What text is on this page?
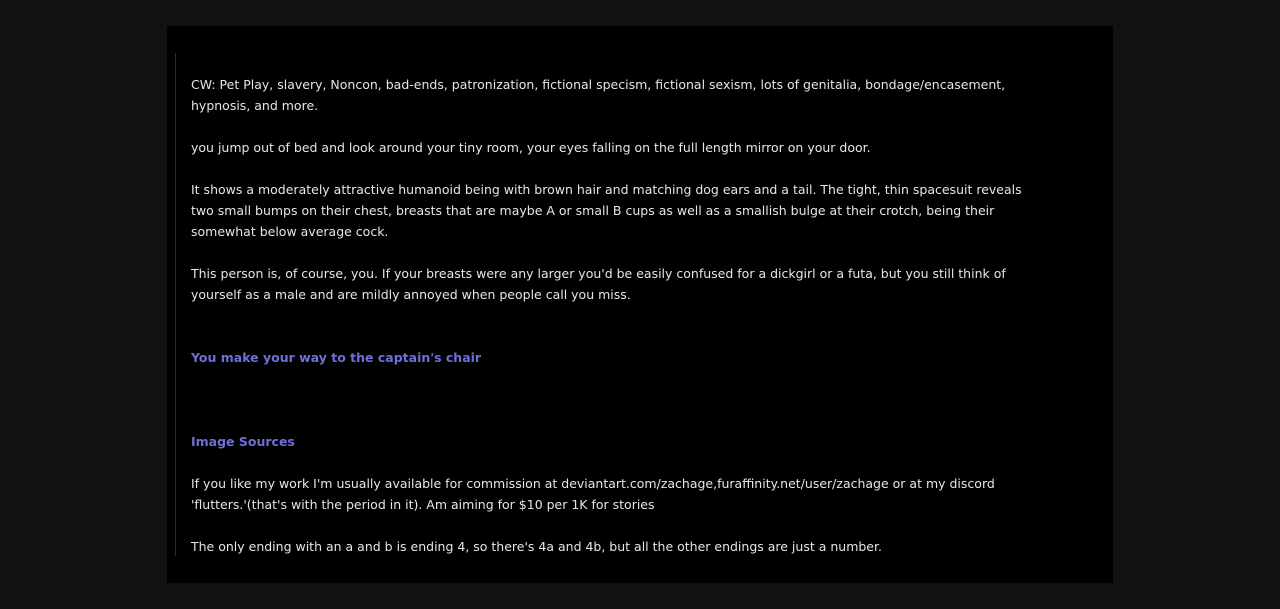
CW: Pet Play, slavery, Noncon, bad-ends, patronization, fictional specism, fictional sexism, lots of genitalia, bondage/encasement, hypnosis, and more.

you jump out of bed and look around your tiny room, your eyes falling on the full length mirror on your door.

It shows a moderately attractive humanoid being with brown hair and matching dog ears and a tail. The tight, thin spacesuit reveals two small bumps on their chest, breasts that are maybe A or small B cups as well as a smallish bulge at their crotch, being their somewhat below average cock.

This person is, of course, you. If your breasts were any larger you'd be easily confused for a dickgirl or a futa, but you still think of yourself as a male and are mildly annoyed when people call you miss.

You make your way to the captain's chair
Image Sources

If you like my work I'm usually available for commission at deviantart.com/zachage,furaffinity.net/user/zachage or at my discord 'flutters.'(that's with the period in it). Am aiming for $10 per 1K for stories

The only ending with an a and b is ending 4, so there's 4a and 4b, but all the other endings are just a number.
